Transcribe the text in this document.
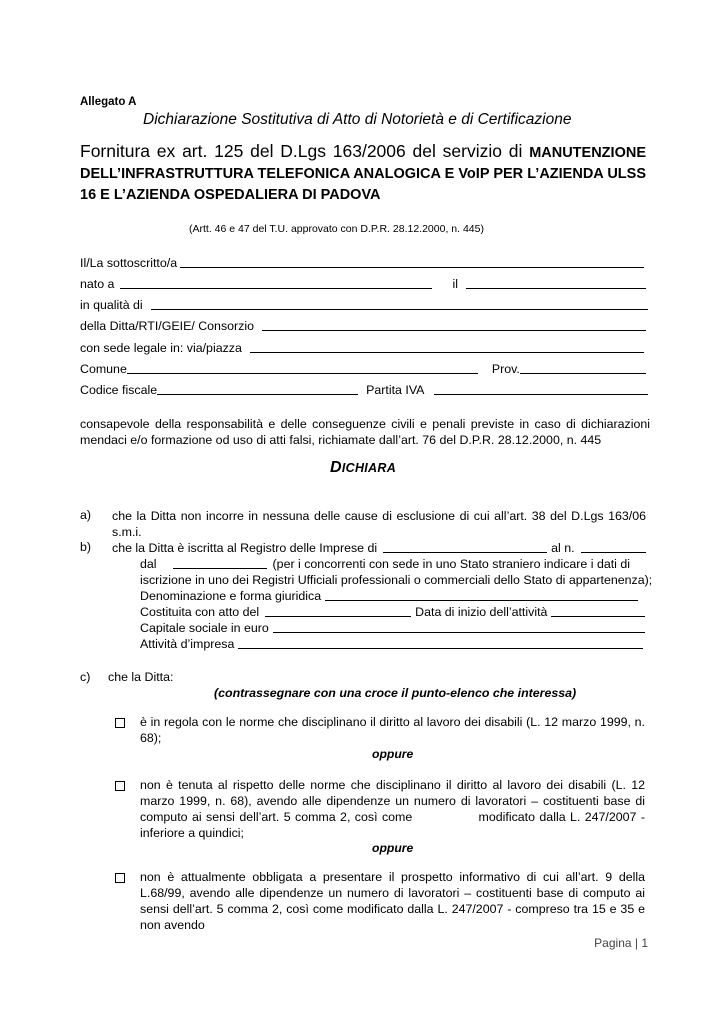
Allegato A
Dichiarazione Sostitutiva di Atto di Notorietà e di Certificazione
Fornitura ex art. 125 del D.Lgs 163/2006 del servizio di MANUTENZIONE DELL’INFRASTRUTTURA TELEFONICA ANALOGICA E VoIP PER L’AZIENDA ULSS 16 E L’AZIENDA OSPEDALIERA DI PADOVA
(Artt. 46 e 47 del T.U. approvato con D.P.R. 28.12.2000, n. 445)
Il/La sottoscritto/a
nato a	il
in qualità di
della Ditta/RTI/GEIE/ Consorzio
con sede legale in: via/piazza
Comune	Prov.
Codice fiscale	Partita IVA
consapevole della responsabilità e delle conseguenze civili e penali previste in caso di dichiarazioni mendaci e/o formazione od uso di atti falsi, richiamate dall’art. 76 del D.P.R. 28.12.2000, n. 445
DICHIARA
a) che la Ditta non incorre in nessuna delle cause di esclusione di cui all’art. 38 del D.Lgs 163/06 s.m.i.
b) che la Ditta è iscritta al Registro delle Imprese di	al n.
dal	(per i concorrenti con sede in uno Stato straniero indicare i dati di
iscrizione in uno dei Registri Ufficiali professionali o commerciali dello Stato di appartenenza);
Denominazione e forma giuridica
Costituita con atto del	Data di inizio dell’attività
Capitale sociale in euro
Attività d’impresa
c) che la Ditta:
(contrassegnare con una croce il punto-elenco che interessa)
è in regola con le norme che disciplinano il diritto al lavoro dei disabili (L. 12 marzo 1999, n. 68);
oppure
non è tenuta al rispetto delle norme che disciplinano il diritto al lavoro dei disabili (L. 12 marzo 1999, n. 68), avendo alle dipendenze un numero di lavoratori – costituenti base di computo ai sensi dell’art. 5 comma 2, così come               modificato dalla L. 247/2007 - inferiore a quindici;
oppure
non è attualmente obbligata a presentare il prospetto informativo di cui all’art. 9 della L.68/99, avendo alle dipendenze un numero di lavoratori – costituenti base di computo ai sensi dell’art. 5 comma 2, così come modificato dalla L. 247/2007 - compreso tra 15 e 35 e non avendo
Pagina | 1
